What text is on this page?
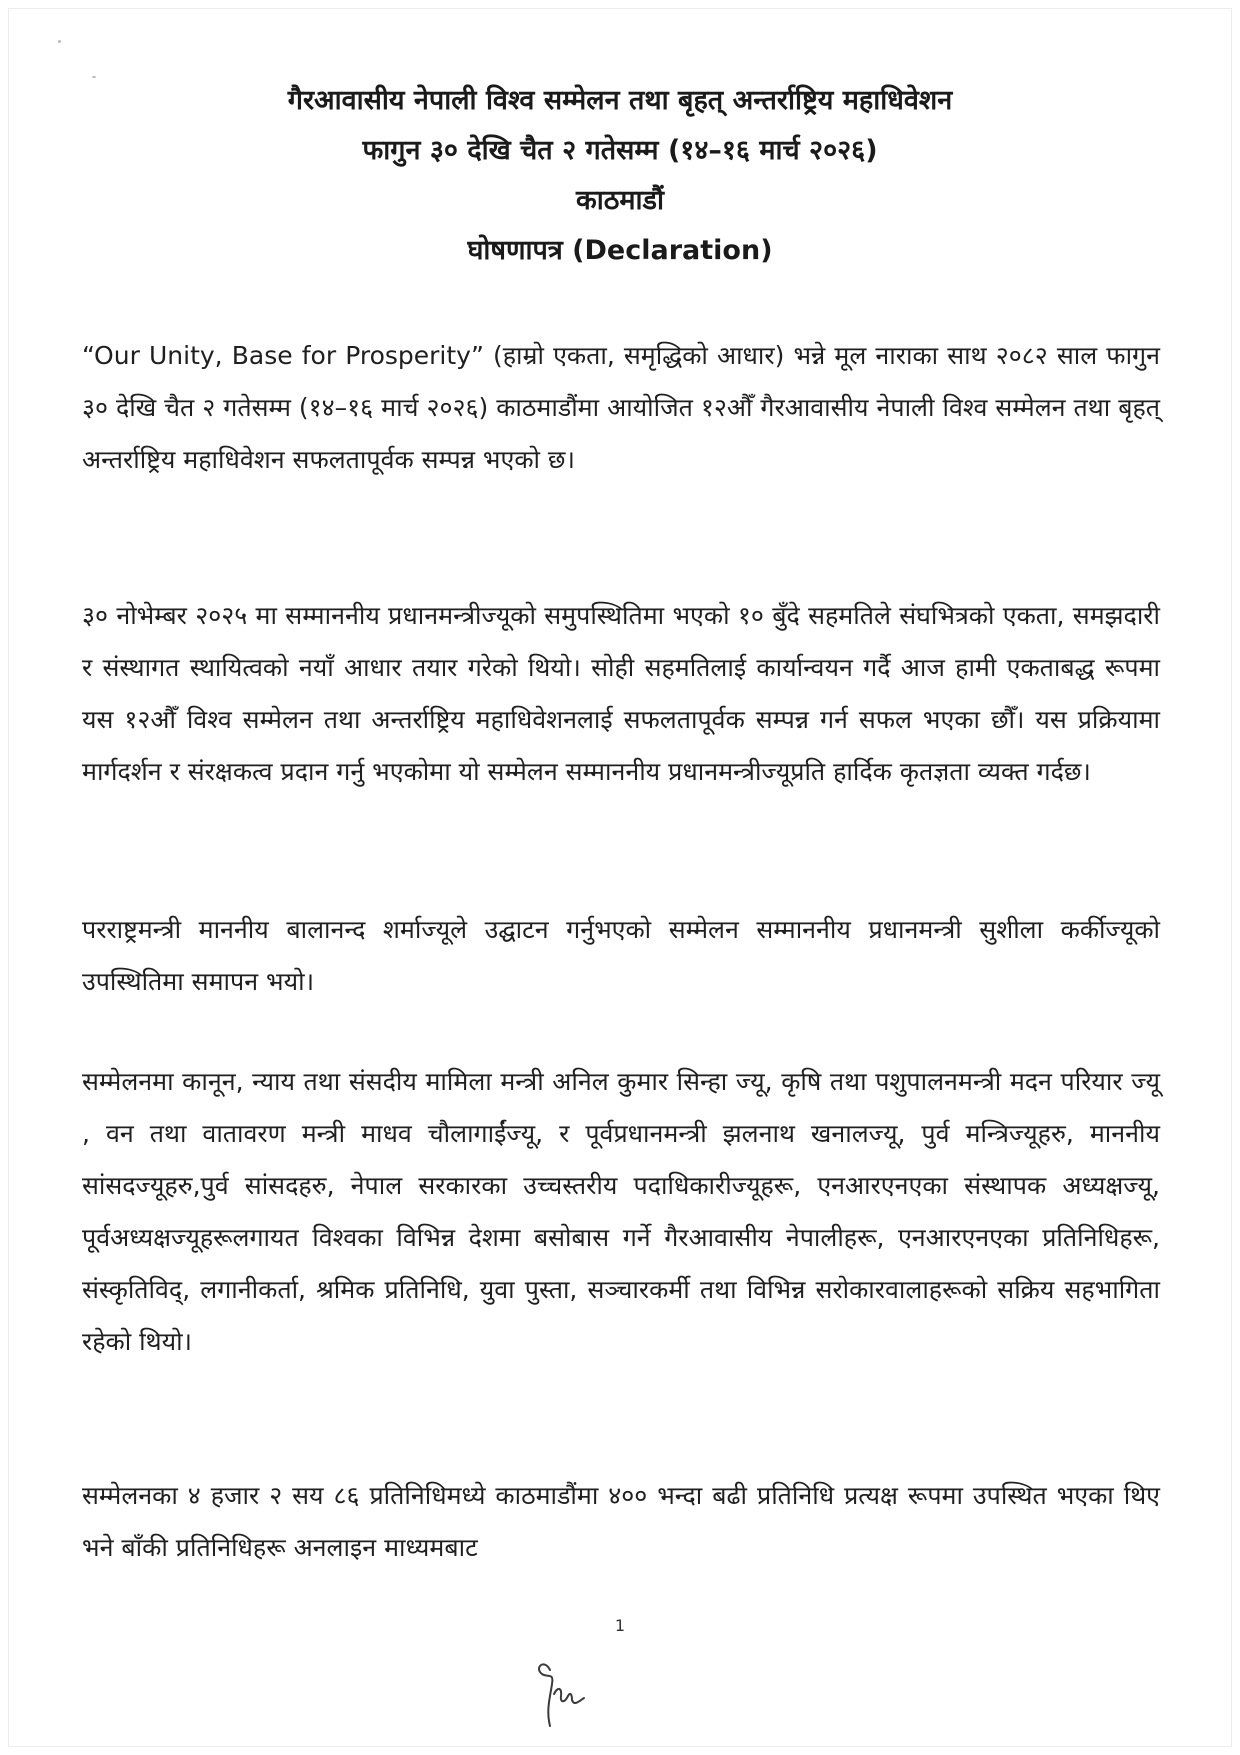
गैरआवासीय नेपाली विश्व सम्मेलन तथा बृहत् अन्तर्राष्ट्रिय महाधिवेशन
फागुन ३० देखि चैत २ गतेसम्म (१४–१६ मार्च २०२६)
काठमाडौं
घोषणापत्र (Declaration)
“Our Unity, Base for Prosperity” (हाम्रो एकता, समृद्धिको आधार) भन्ने मूल नाराका साथ २०८२ साल फागुन ३० देखि चैत २ गतेसम्म (१४–१६ मार्च २०२६) काठमाडौंमा आयोजित १२औँ गैरआवासीय नेपाली विश्व सम्मेलन तथा बृहत् अन्तर्राष्ट्रिय महाधिवेशन सफलतापूर्वक सम्पन्न भएको छ।
३० नोभेम्बर २०२५ मा सम्माननीय प्रधानमन्त्रीज्यूको समुपस्थितिमा भएको १० बुँदे सहमतिले संघभित्रको एकता, समझदारी र संस्थागत स्थायित्वको नयाँ आधार तयार गरेको थियो। सोही सहमतिलाई कार्यान्वयन गर्दै आज हामी एकताबद्ध रूपमा यस १२औँ विश्व सम्मेलन तथा अन्तर्राष्ट्रिय महाधिवेशनलाई सफलतापूर्वक सम्पन्न गर्न सफल भएका छौँ। यस प्रक्रियामा मार्गदर्शन र संरक्षकत्व प्रदान गर्नु भएकोमा यो सम्मेलन सम्माननीय प्रधानमन्त्रीज्यूप्रति हार्दिक कृतज्ञता व्यक्त गर्दछ।
परराष्ट्रमन्त्री माननीय बालानन्द शर्माज्यूले उद्घाटन गर्नुभएको सम्मेलन सम्माननीय प्रधानमन्त्री सुशीला कर्कीज्यूको उपस्थितिमा समापन भयो।
सम्मेलनमा कानून, न्याय तथा संसदीय मामिला मन्त्री अनिल कुमार सिन्हा ज्यू, कृषि तथा पशुपालनमन्त्री मदन परियार ज्यू , वन तथा वातावरण मन्त्री माधव चौलागाईंज्यू, र पूर्वप्रधानमन्त्री झलनाथ खनालज्यू, पुर्व मन्त्रिज्यूहरु, माननीय सांसदज्यूहरु,पुर्व सांसदहरु, नेपाल सरकारका उच्चस्तरीय पदाधिकारीज्यूहरू, एनआरएनएका संस्थापक अध्यक्षज्यू, पूर्वअध्यक्षज्यूहरूलगायत विश्वका विभिन्न देशमा बसोबास गर्ने गैरआवासीय नेपालीहरू, एनआरएनएका प्रतिनिधिहरू, संस्कृतिविद्, लगानीकर्ता, श्रमिक प्रतिनिधि, युवा पुस्ता, सञ्चारकर्मी तथा विभिन्न सरोकारवालाहरूको सक्रिय सहभागिता रहेको थियो।
सम्मेलनका ४ हजार २ सय ८६ प्रतिनिधिमध्ये काठमाडौंमा ४०० भन्दा बढी प्रतिनिधि प्रत्यक्ष रूपमा उपस्थित भएका थिए भने बाँकी प्रतिनिधिहरू अनलाइन माध्यमबाट
1
